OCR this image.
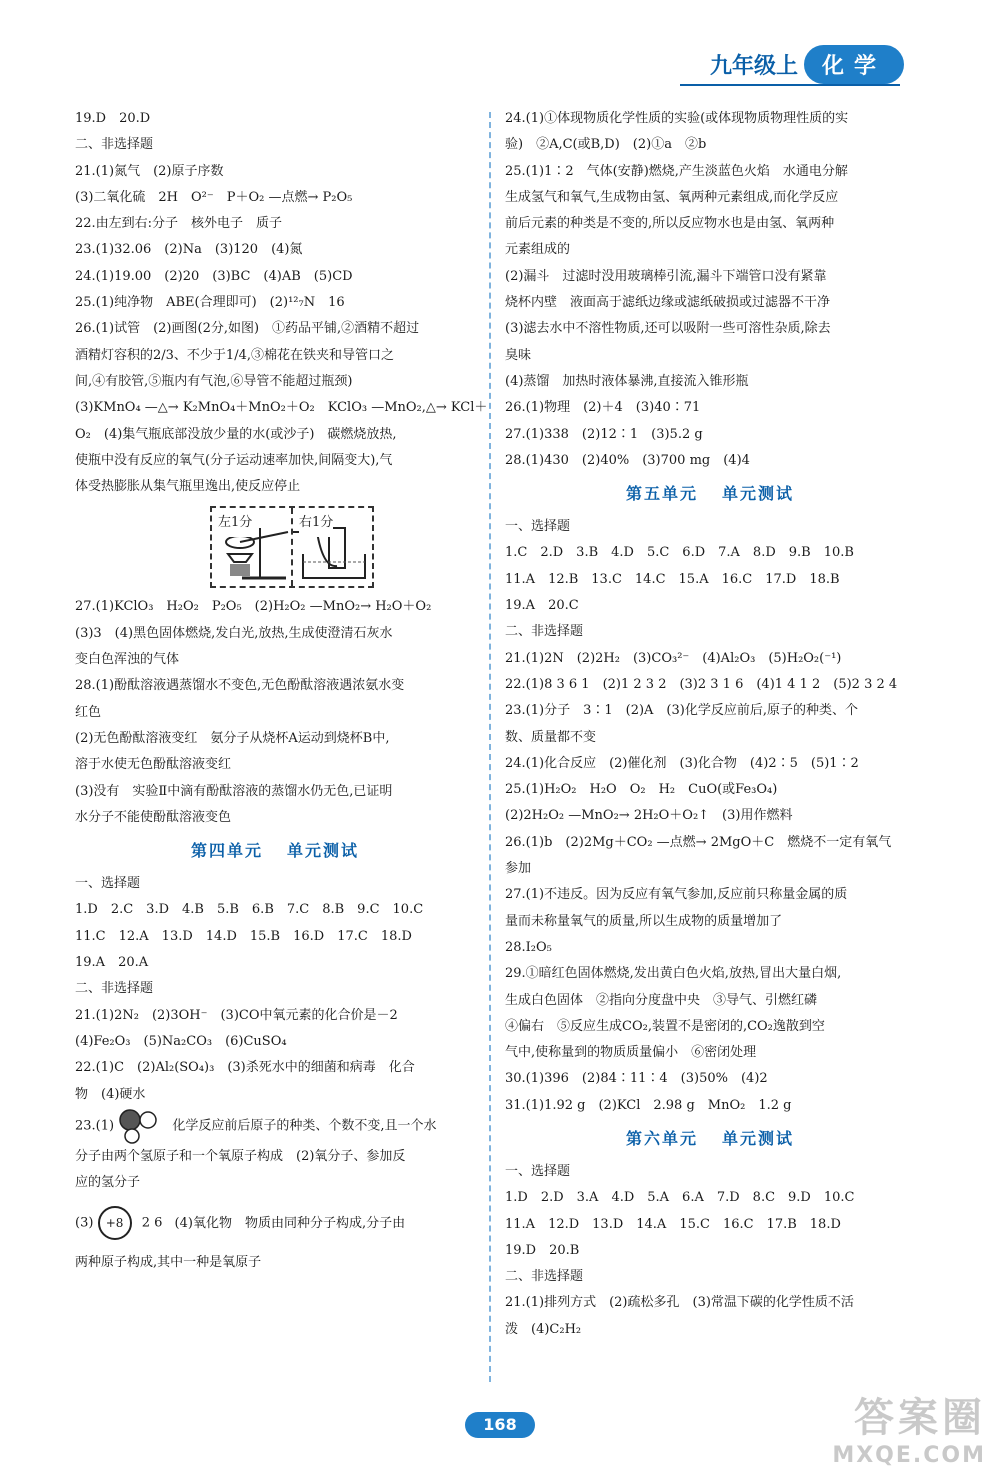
九年级上	化学
19.D　20.D
二、非选择题
21.(1)氮气　(2)原子序数
(3)二氧化硫　2H　O²⁻　P＋O₂ —点燃→ P₂O₅
22.由左到右:分子　核外电子　质子
23.(1)32.06　(2)Na　(3)120　(4)氮
24.(1)19.00　(2)20　(3)BC　(4)AB　(5)CD
25.(1)纯净物　ABE(合理即可)　(2)¹²₇N　16
26.(1)试管　(2)画图(2分,如图)　①药品平铺,②酒精不超过
酒精灯容积的2/3、不少于1/4,③棉花在铁夹和导管口之
间,④有胶管,⑤瓶内有气泡,⑥导管不能超过瓶颈)
(3)KMnO₄ —△→ K₂MnO₄＋MnO₂＋O₂　KClO₃ —MnO₂,△→ KCl＋
O₂　(4)集气瓶底部没放少量的水(或沙子)　碳燃烧放热,
使瓶中没有反应的氧气(分子运动速率加快,间隔变大),气
体受热膨胀从集气瓶里逸出,使反应停止
左1分	右1分
27.(1)KClO₃　H₂O₂　P₂O₅　(2)H₂O₂ —MnO₂→ H₂O＋O₂
(3)3　(4)黑色固体燃烧,发白光,放热,生成使澄清石灰水
变白色浑浊的气体
28.(1)酚酞溶液遇蒸馏水不变色,无色酚酞溶液遇浓氨水变
红色
(2)无色酚酞溶液变红　氨分子从烧杯A运动到烧杯B中,
溶于水使无色酚酞溶液变红
(3)没有　实验Ⅱ中滴有酚酞溶液的蒸馏水仍无色,已证明
水分子不能使酚酞溶液变色
第四单元 单元测试
一、选择题
1.D　2.C　3.D　4.B　5.B　6.B　7.C　8.B　9.C　10.C
11.C　12.A　13.D　14.D　15.B　16.D　17.C　18.D
19.A　20.A
二、非选择题
21.(1)2N₂　(2)3OH⁻　(3)CO中氧元素的化合价是－2
(4)Fe₂O₃　(5)Na₂CO₃　(6)CuSO₄
22.(1)C　(2)Al₂(SO₄)₃　(3)杀死水中的细菌和病毒　化合
物　(4)硬水
23.(1)	化学反应前后原子的种类、个数不变,且一个水
分子由两个氢原子和一个氧原子构成　(2)氧分子、参加反
应的氢分子
(3) +8 2 6 (4)氧化物　物质由同种分子构成,分子由
两种原子构成,其中一种是氧原子
24.(1)①体现物质化学性质的实验(或体现物质物理性质的实
验)　②A,C(或B,D)　(2)①a　②b
25.(1)1∶2　气体(安静)燃烧,产生淡蓝色火焰　水通电分解
生成氢气和氧气,生成物由氢、氧两种元素组成,而化学反应
前后元素的种类是不变的,所以反应物水也是由氢、氧两种
元素组成的
(2)漏斗　过滤时没用玻璃棒引流,漏斗下端管口没有紧靠
烧杯内壁　液面高于滤纸边缘或滤纸破损或过滤器不干净
(3)滤去水中不溶性物质,还可以吸附一些可溶性杂质,除去
臭味
(4)蒸馏　加热时液体暴沸,直接流入锥形瓶
26.(1)物理　(2)＋4　(3)40∶71
27.(1)338　(2)12∶1　(3)5.2 g
28.(1)430　(2)40%　(3)700 mg　(4)4
第五单元 单元测试
一、选择题
1.C　2.D　3.B　4.D　5.C　6.D　7.A　8.D　9.B　10.B
11.A　12.B　13.C　14.C　15.A　16.C　17.D　18.B
19.A　20.C
二、非选择题
21.(1)2N　(2)2H₂　(3)CO₃²⁻　(4)Al₂O₃　(5)H₂O₂(⁻¹)
22.(1)8 3 6 1　(2)1 2 3 2　(3)2 3 1 6　(4)1 4 1 2　(5)2 3 2 4
23.(1)分子　3∶1　(2)A　(3)化学反应前后,原子的种类、个
数、质量都不变
24.(1)化合反应　(2)催化剂　(3)化合物　(4)2∶5　(5)1∶2
25.(1)H₂O₂　H₂O　O₂　H₂　CuO(或Fe₃O₄)
(2)2H₂O₂ —MnO₂→ 2H₂O＋O₂↑　(3)用作燃料
26.(1)b　(2)2Mg＋CO₂ —点燃→ 2MgO＋C　燃烧不一定有氧气
参加
27.(1)不违反。因为反应有氧气参加,反应前只称量金属的质
量而未称量氧气的质量,所以生成物的质量增加了
28.I₂O₅
29.①暗红色固体燃烧,发出黄白色火焰,放热,冒出大量白烟,
生成白色固体　②指向分度盘中央　③导气、引燃红磷
④偏右　⑤反应生成CO₂,装置不是密闭的,CO₂逸散到空
气中,使称量到的物质质量偏小　⑥密闭处理
30.(1)396　(2)84∶11∶4　(3)50%　(4)2
31.(1)1.92 g　(2)KCl　2.98 g　MnO₂　1.2 g
第六单元 单元测试
一、选择题
1.D　2.D　3.A　4.D　5.A　6.A　7.D　8.C　9.D　10.C
11.A　12.D　13.D　14.A　15.C　16.C　17.B　18.D
19.D　20.B
二、非选择题
21.(1)排列方式　(2)疏松多孔　(3)常温下碳的化学性质不活
泼　(4)C₂H₂
168	答案圈
MXQE.COM
